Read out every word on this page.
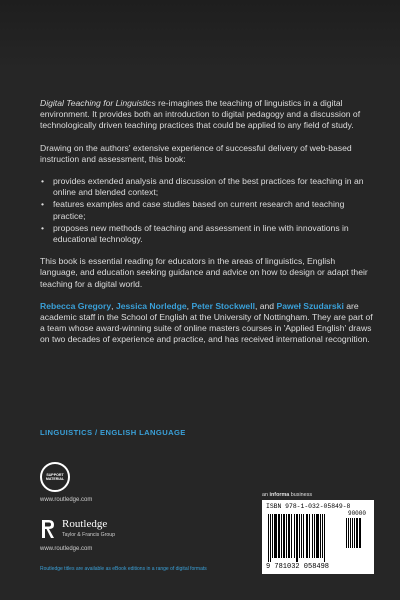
Digital Teaching for Linguistics re-imagines the teaching of linguistics in a digital environment. It provides both an introduction to digital pedagogy and a discussion of technologically driven teaching practices that could be applied to any field of study.

Drawing on the authors' extensive experience of successful delivery of web-based instruction and assessment, this book:

• provides extended analysis and discussion of the best practices for teaching in an online and blended context;
• features examples and case studies based on current research and teaching practice;
• proposes new methods of teaching and assessment in line with innovations in educational technology.

This book is essential reading for educators in the areas of linguistics, English language, and education seeking guidance and advice on how to design or adapt their teaching for a digital world.

Rebecca Gregory, Jessica Norledge, Peter Stockwell, and Paweł Szudarski are academic staff in the School of English at the University of Nottingham. They are part of a team whose award-winning suite of online masters courses in 'Applied English' draws on two decades of experience and practice, and has received international recognition.

LINGUISTICS / ENGLISH LANGUAGE
SUPPORT MATERIAL
www.routledge.com
Routledge
Taylor & Francis Group
www.routledge.com
Routledge titles are available as eBook editions in a range of digital formats
an informa business
ISBN 978-1-032-05849-8
90000
9 781032 058498
